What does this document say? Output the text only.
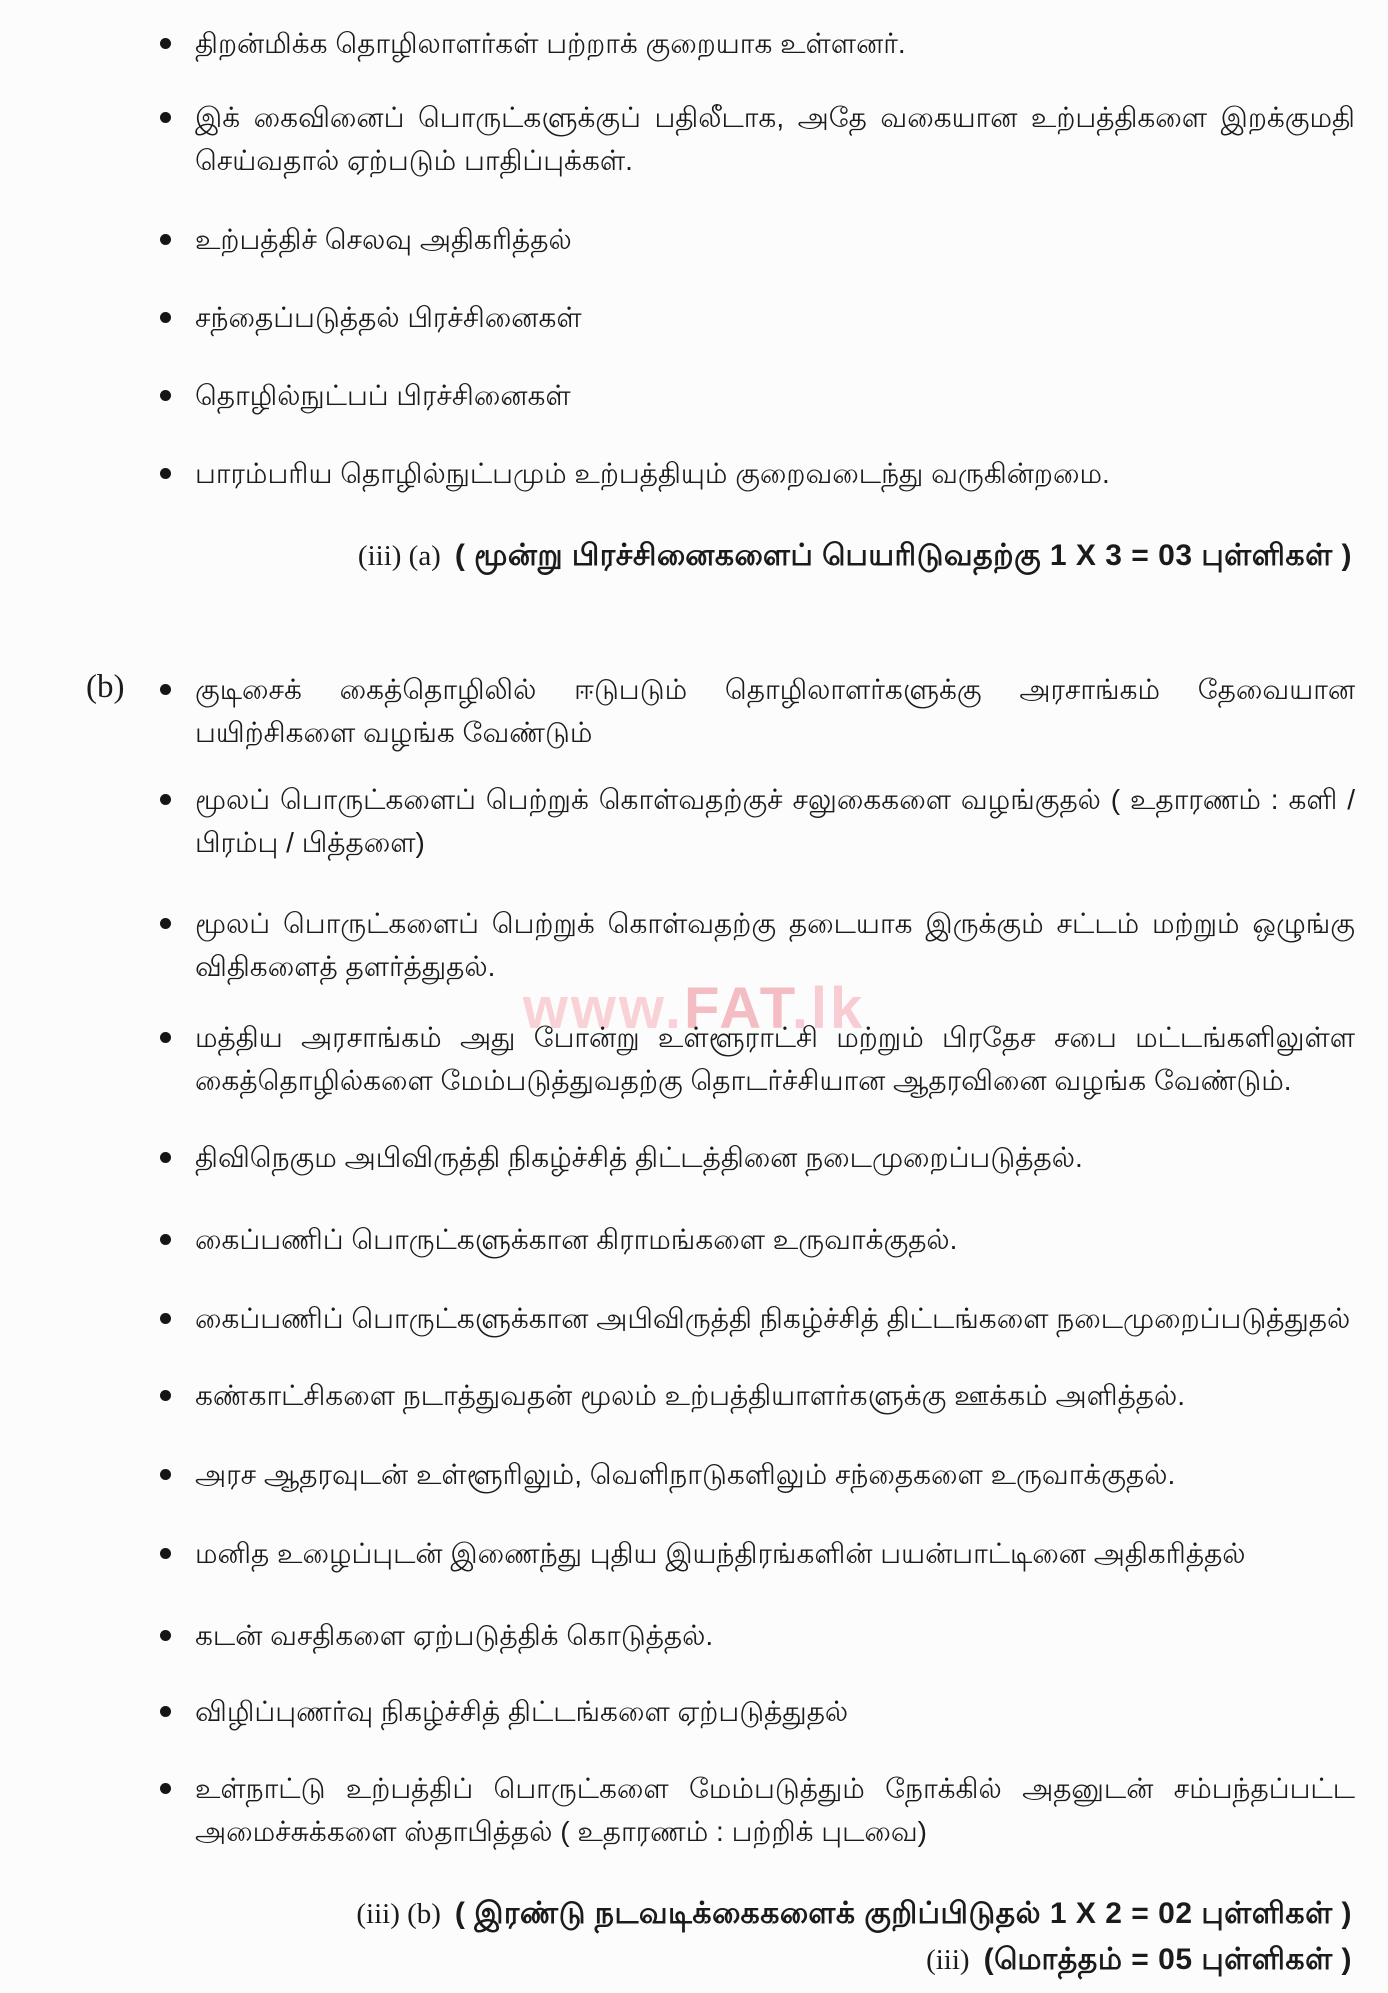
திறன்மிக்க தொழிலாளர்கள் பற்றாக் குறையாக உள்ளனர்.
இக் கைவினைப் பொருட்களுக்குப் பதிலீடாக, அதே வகையான உற்பத்திகளை இறக்குமதி செய்வதால் ஏற்படும் பாதிப்புக்கள்.
உற்பத்திச் செலவு அதிகரித்தல்
சந்தைப்படுத்தல் பிரச்சினைகள்
தொழில்நுட்பப் பிரச்சினைகள்
பாரம்பரிய தொழில்நுட்பமும் உற்பத்தியும் குறைவடைந்து வருகின்றமை.
(iii) (a) ( மூன்று பிரச்சினைகளைப் பெயரிடுவதற்கு 1 X 3 = 03 புள்ளிகள் )
(b)	குடிசைக் கைத்தொழிலில் ஈடுபடும் தொழிலாளர்களுக்கு அரசாங்கம் தேவையான பயிற்சிகளை வழங்க வேண்டும்
மூலப் பொருட்களைப் பெற்றுக் கொள்வதற்குச் சலுகைகளை வழங்குதல் ( உதாரணம் : களி / பிரம்பு / பித்தளை)
மூலப் பொருட்களைப் பெற்றுக் கொள்வதற்கு தடையாக இருக்கும் சட்டம் மற்றும் ஒழுங்கு விதிகளைத் தளர்த்துதல்.
மத்திய அரசாங்கம் அது போன்று உள்ளூராட்சி மற்றும் பிரதேச சபை மட்டங்களிலுள்ள கைத்தொழில்களை மேம்படுத்துவதற்கு தொடர்ச்சியான ஆதரவினை வழங்க வேண்டும்.
திவிநெகும அபிவிருத்தி நிகழ்ச்சித் திட்டத்தினை நடைமுறைப்படுத்தல்.
கைப்பணிப் பொருட்களுக்கான கிராமங்களை உருவாக்குதல்.
கைப்பணிப் பொருட்களுக்கான அபிவிருத்தி நிகழ்ச்சித் திட்டங்களை நடைமுறைப்படுத்துதல்
கண்காட்சிகளை நடாத்துவதன் மூலம் உற்பத்தியாளர்களுக்கு ஊக்கம் அளித்தல்.
அரச ஆதரவுடன் உள்ளூரிலும், வெளிநாடுகளிலும் சந்தைகளை உருவாக்குதல்.
மனித உழைப்புடன் இணைந்து புதிய இயந்திரங்களின் பயன்பாட்டினை அதிகரித்தல்
கடன் வசதிகளை ஏற்படுத்திக் கொடுத்தல்.
விழிப்புணர்வு நிகழ்ச்சித் திட்டங்களை ஏற்படுத்துதல்
உள்நாட்டு உற்பத்திப் பொருட்களை மேம்படுத்தும் நோக்கில் அதனுடன் சம்பந்தப்பட்ட அமைச்சுக்களை ஸ்தாபித்தல் ( உதாரணம் : பற்றிக் புடவை)
(iii) (b) ( இரண்டு நடவடிக்கைகளைக் குறிப்பிடுதல் 1 X 2 = 02 புள்ளிகள் )
(iii) (மொத்தம் = 05 புள்ளிகள் )
www.FAT.lk
